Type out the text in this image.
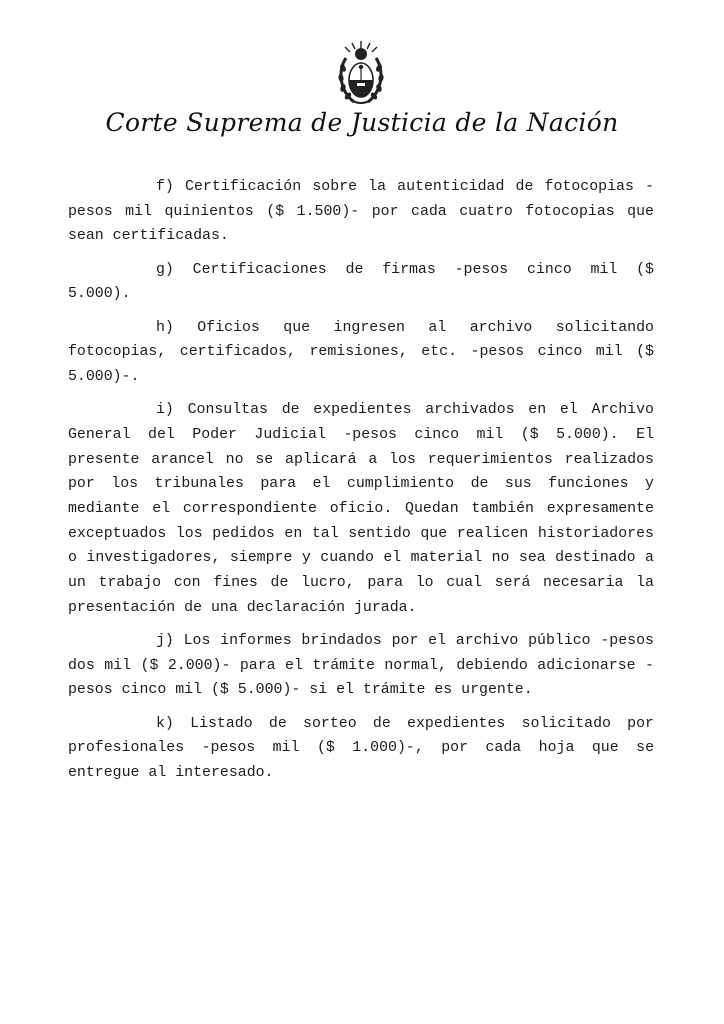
Corte Suprema de Justicia de la Nación

f) Certificación sobre la autenticidad de fotocopias -pesos mil quinientos ($ 1.500)- por cada cuatro fotocopias que sean certificadas.

g) Certificaciones de firmas -pesos cinco mil ($ 5.000).

h) Oficios que ingresen al archivo solicitando fotocopias, certificados, remisiones, etc. -pesos cinco mil ($ 5.000)-.

i) Consultas de expedientes archivados en el Archivo General del Poder Judicial -pesos cinco mil ($ 5.000). El presente arancel no se aplicará a los requerimientos realizados por los tribunales para el cumplimiento de sus funciones y mediante el correspondiente oficio. Quedan también expresamente exceptuados los pedidos en tal sentido que realicen historiadores o investigadores, siempre y cuando el material no sea destinado a un trabajo con fines de lucro, para lo cual será necesaria la presentación de una declaración jurada.

j) Los informes brindados por el archivo público -pesos dos mil ($ 2.000)- para el trámite normal, debiendo adicionarse -pesos cinco mil ($ 5.000)- si el trámite es urgente.

k) Listado de sorteo de expedientes solicitado por profesionales -pesos mil ($ 1.000)-, por cada hoja que se entregue al interesado.
